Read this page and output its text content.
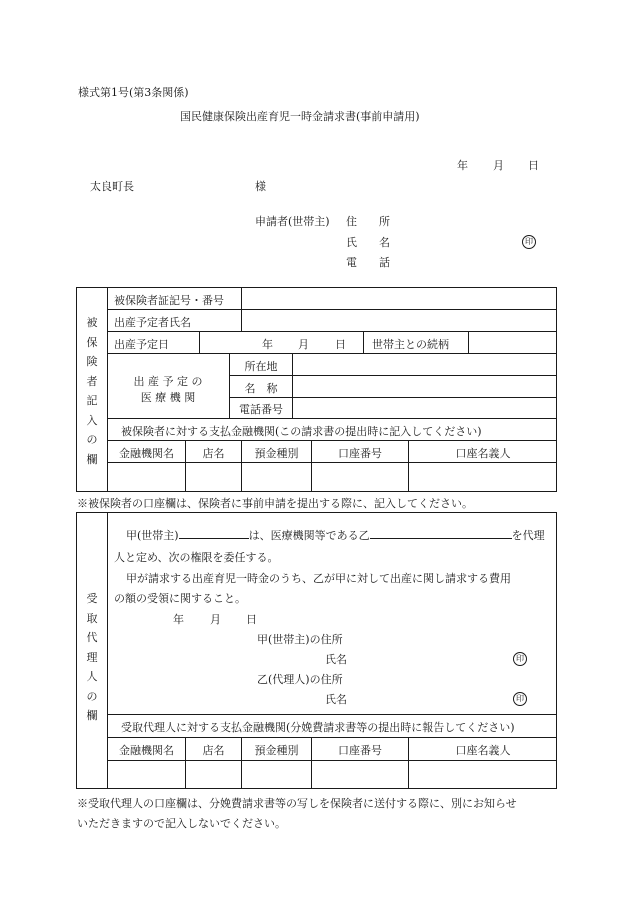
様式第1号(第3条関係)
国民健康保険出産育児一時金請求書(事前申請用)
年 月 日
太良町長	様
申請者(世帯主) 住　　所
氏　　名	印
電　　話
被保険者記入の欄
被保険者証記号・番号
出産予定者氏名
出産予定日	年 月 日 世帯主との続柄
出 産 予 定 の
医 療 機 関
所在地
名　称
電話番号
被保険者に対する支払金融機関(この請求書の提出時に記入してください)
金融機関名	店名	預金種別	口座番号	口座名義人
※被保険者の口座欄は、保険者に事前申請を提出する際に、記入してください。
受取代理人の欄
甲(世帯主)	は、医療機関等である乙	を代理
人と定め、次の権限を委任する。
甲が請求する出産育児一時金のうち、乙が甲に対して出産に関し請求する費用
の額の受領に関すること。
年 月 日
甲(世帯主)の住所
氏名	印
乙(代理人)の住所
氏名	印
受取代理人に対する支払金融機関(分娩費請求書等の提出時に報告してください)
金融機関名	店名	預金種別	口座番号	口座名義人
※受取代理人の口座欄は、分娩費請求書等の写しを保険者に送付する際に、別にお知らせ
いただきますので記入しないでください。
